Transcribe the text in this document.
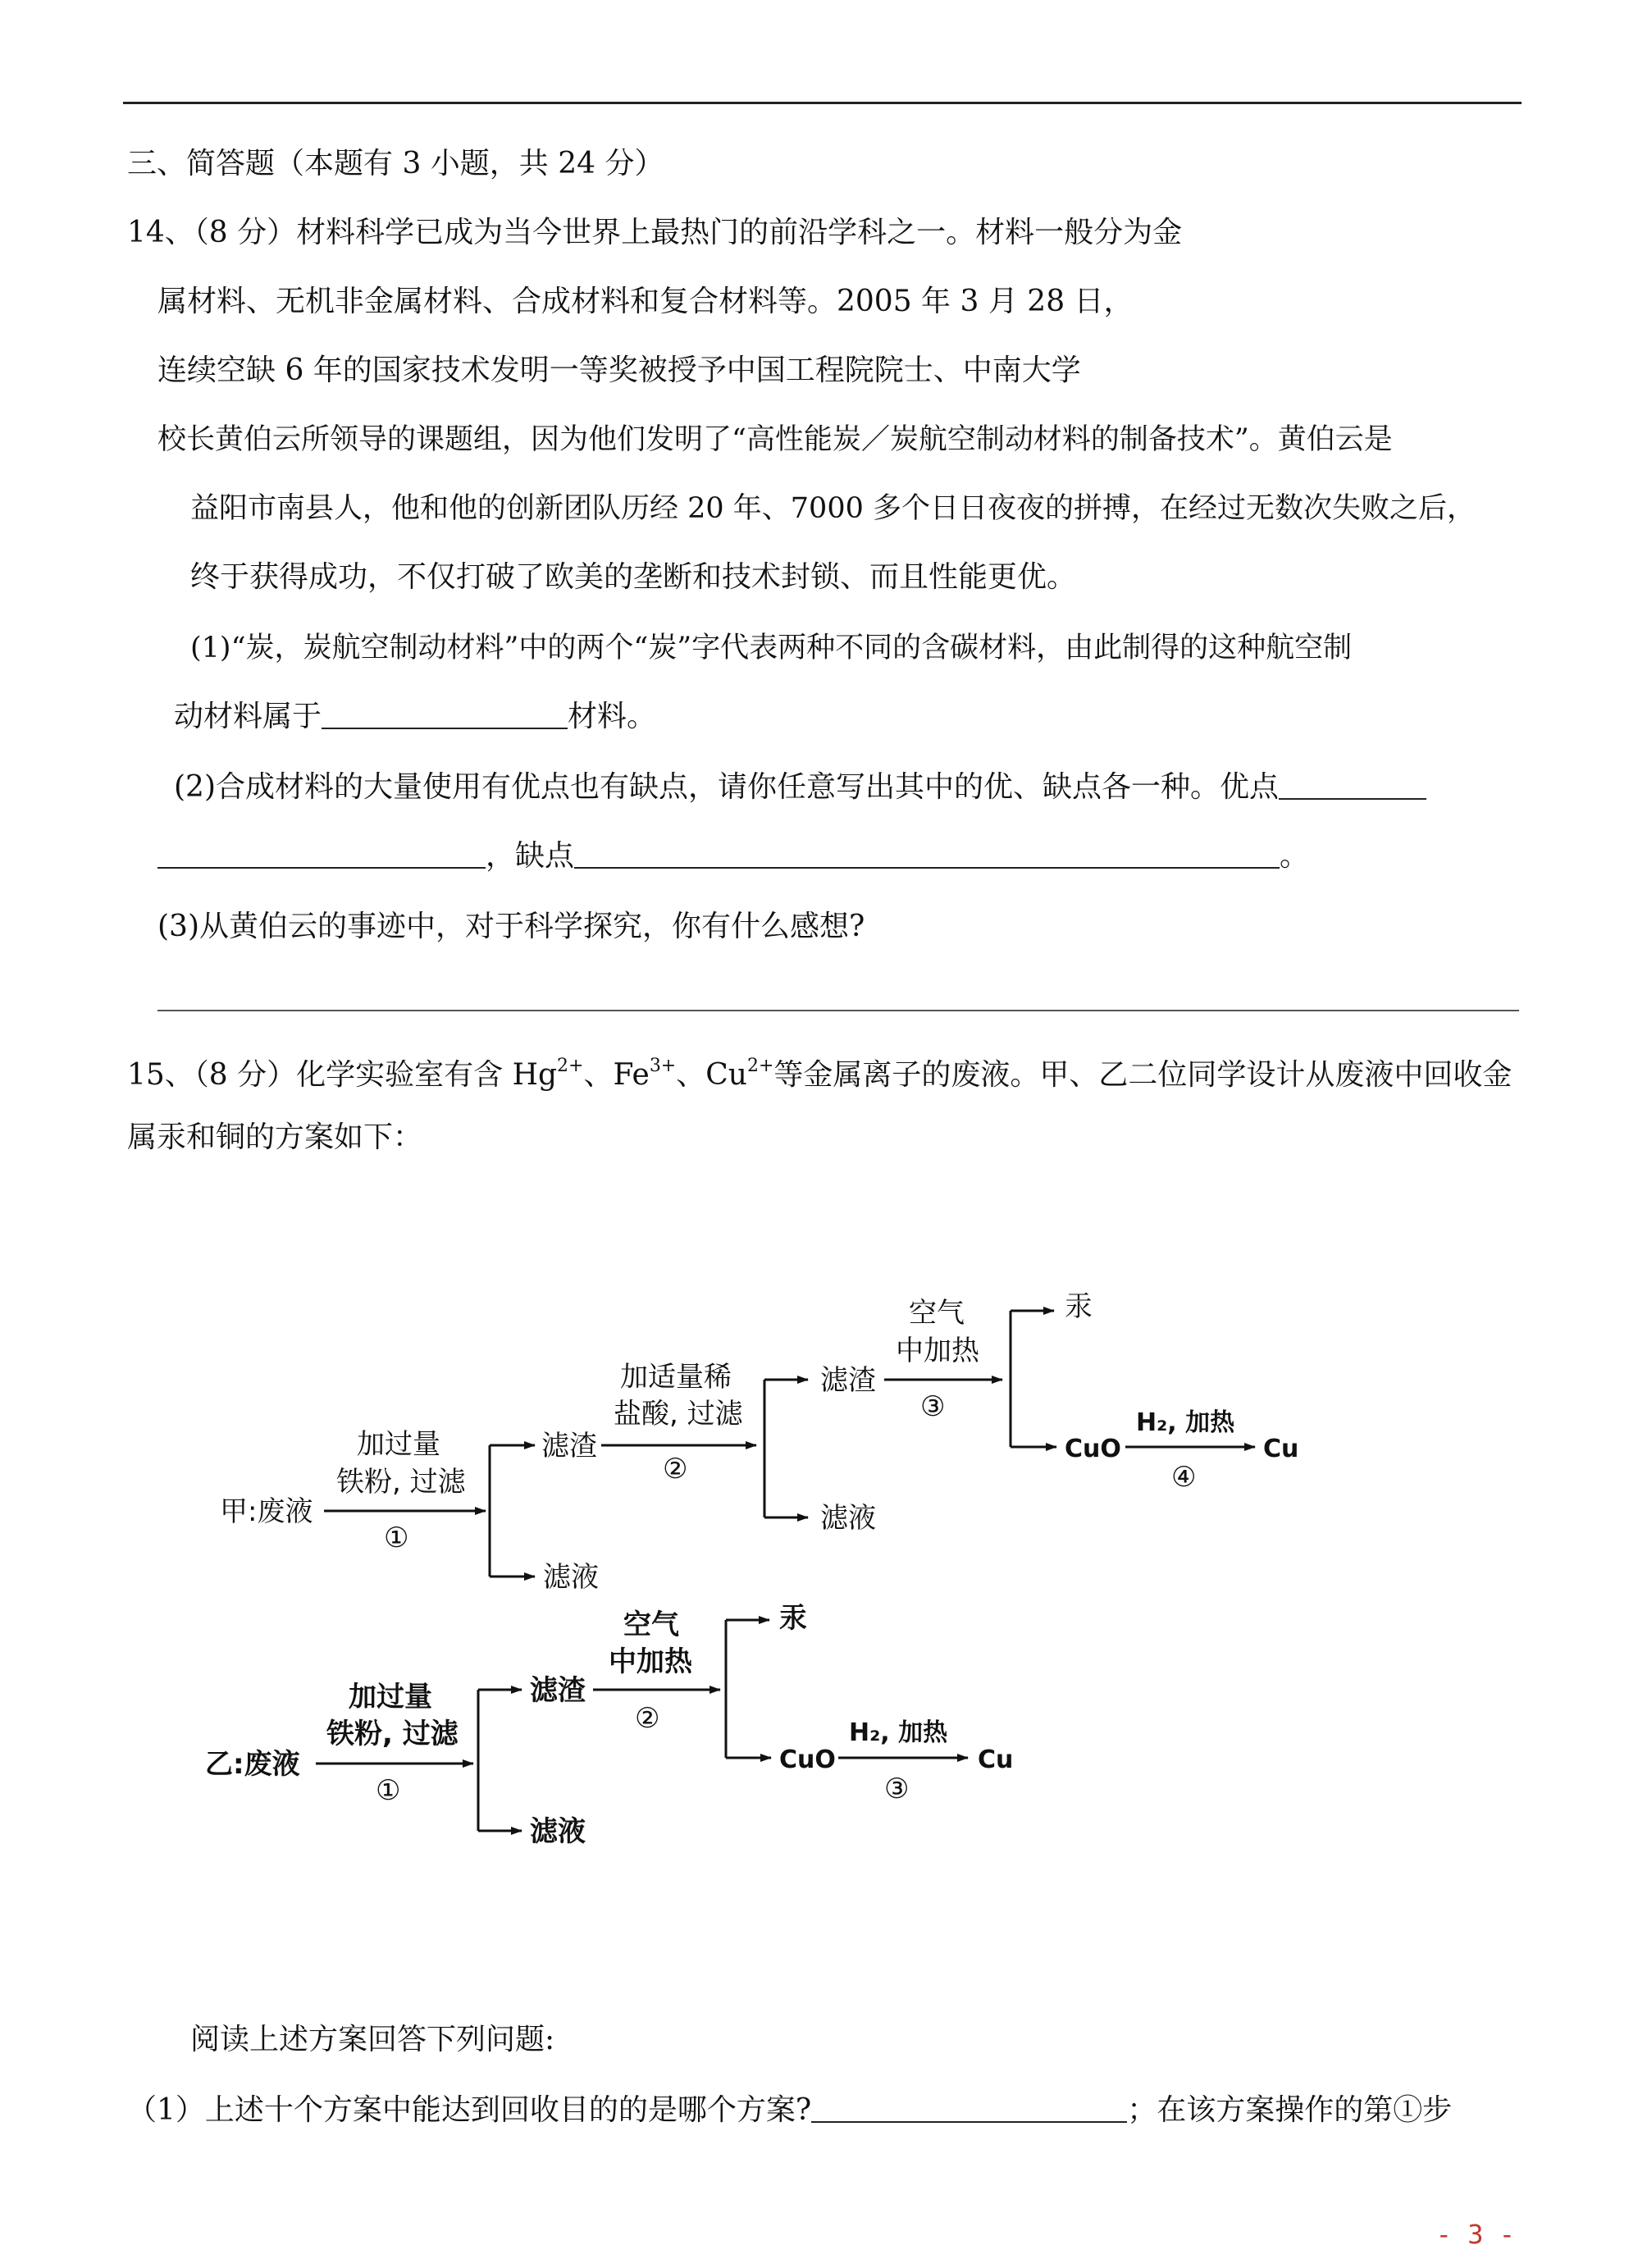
三、简答题（本题有 3 小题，共 24 分）
14、（8 分）材料科学已成为当今世界上最热门的前沿学科之一。材料一般分为金
属材料、无机非金属材料、合成材料和复合材料等。2005 年 3 月 28 日，
连续空缺 6 年的国家技术发明一等奖被授予中国工程院院士、中南大学
校长黄伯云所领导的课题组，因为他们发明了“高性能炭／炭航空制动材料的制备技术”。黄伯云是
益阳市南县人，他和他的创新团队历经 20 年、7000 多个日日夜夜的拼搏，在经过无数次失败之后，
终于获得成功，不仅打破了欧美的垄断和技术封锁、而且性能更优。
(1)“炭，炭航空制动材料”中的两个“炭”字代表两种不同的含碳材料，由此制得的这种航空制
动材料属于	材料。
(2)合成材料的大量使用有优点也有缺点，请你任意写出其中的优、缺点各一种。优点
，缺点	。
(3)从黄伯云的事迹中，对于科学探究，你有什么感想?
15、（8 分）化学实验室有含 $Hg^{2+}$、$Fe^{3+}$、$Cu^{2+}$等金属离子的废液。甲、乙二位同学设计从废液中回收金
属汞和铜的方案如下：
甲:废液
加过量
铁粉, 过滤
①
滤渣
滤液
加适量稀
盐酸, 过滤
②
滤渣
滤液
空气
中加热
③
汞
CuO
H₂, 加热
④
Cu
乙:废液
加过量
铁粉, 过滤
①
滤渣
滤液
空气
中加热
②
汞
CuO
H₂, 加热
③
Cu
阅读上述方案回答下列问题:
（1）上述十个方案中能达到回收目的的是哪个方案?	；在该方案操作的第①步
- 3 -
